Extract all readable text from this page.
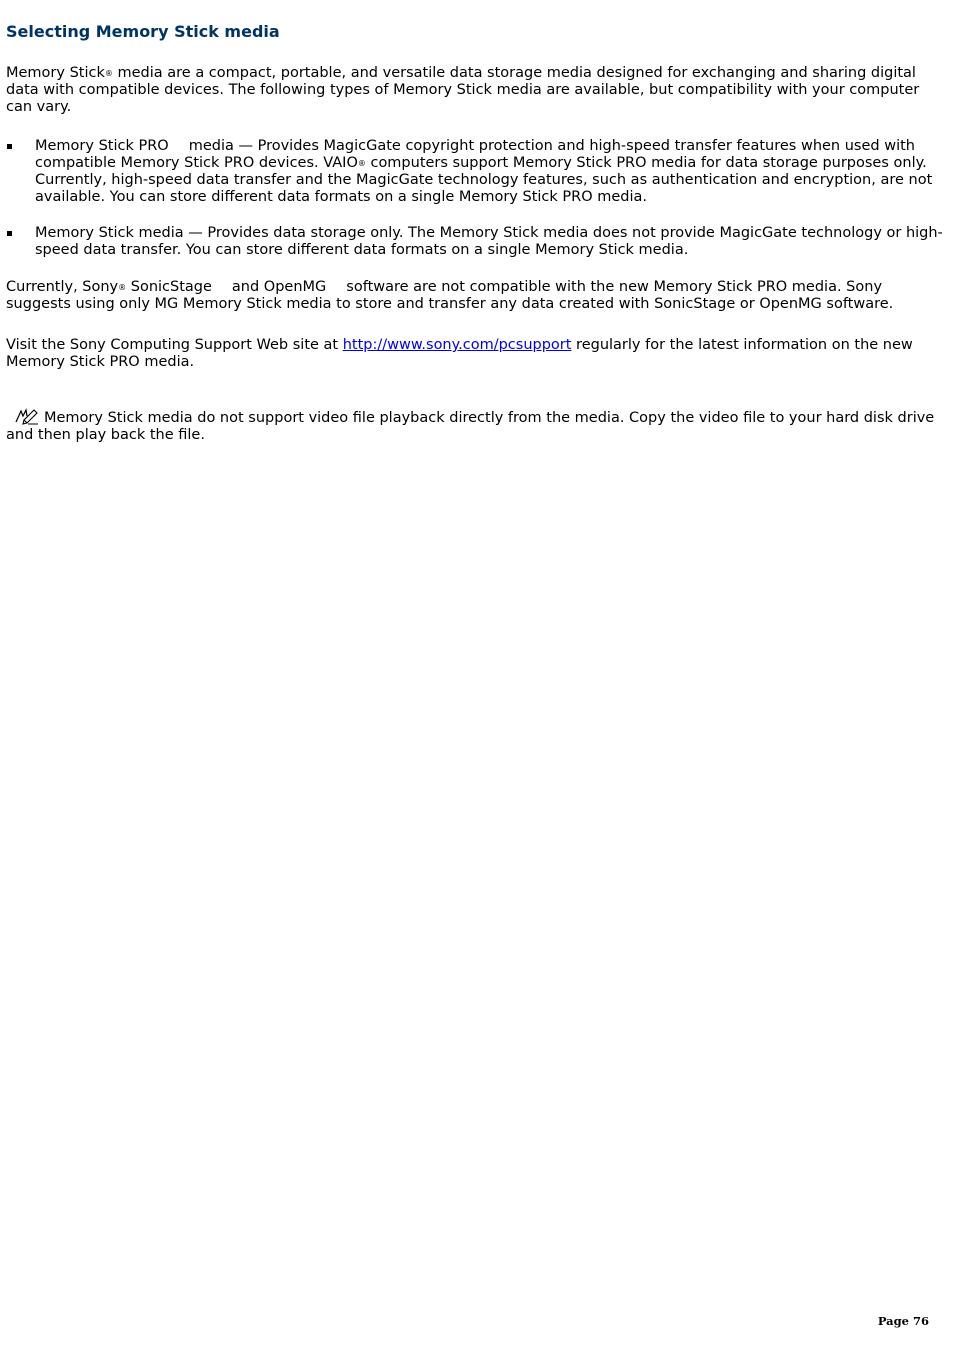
Selecting Memory Stick media

Memory Stick® media are a compact, portable, and versatile data storage media designed for exchanging and sharing digital data with compatible devices. The following types of Memory Stick media are available, but compatibility with your computer can vary.

Memory Stick PRO media — Provides MagicGate copyright protection and high-speed transfer features when used with compatible Memory Stick PRO devices. VAIO® computers support Memory Stick PRO media for data storage purposes only. Currently, high-speed data transfer and the MagicGate technology features, such as authentication and encryption, are not available. You can store different data formats on a single Memory Stick PRO media.
Memory Stick media — Provides data storage only. The Memory Stick media does not provide MagicGate technology or high-speed data transfer. You can store different data formats on a single Memory Stick media.

Currently, Sony® SonicStage and OpenMG software are not compatible with the new Memory Stick PRO media. Sony suggests using only MG Memory Stick media to store and transfer any data created with SonicStage or OpenMG software.

Visit the Sony Computing Support Web site at http://www.sony.com/pcsupport regularly for the latest information on the new Memory Stick PRO media.

Memory Stick media do not support video file playback directly from the media. Copy the video file to your hard disk drive and then play back the file.

Page 76
